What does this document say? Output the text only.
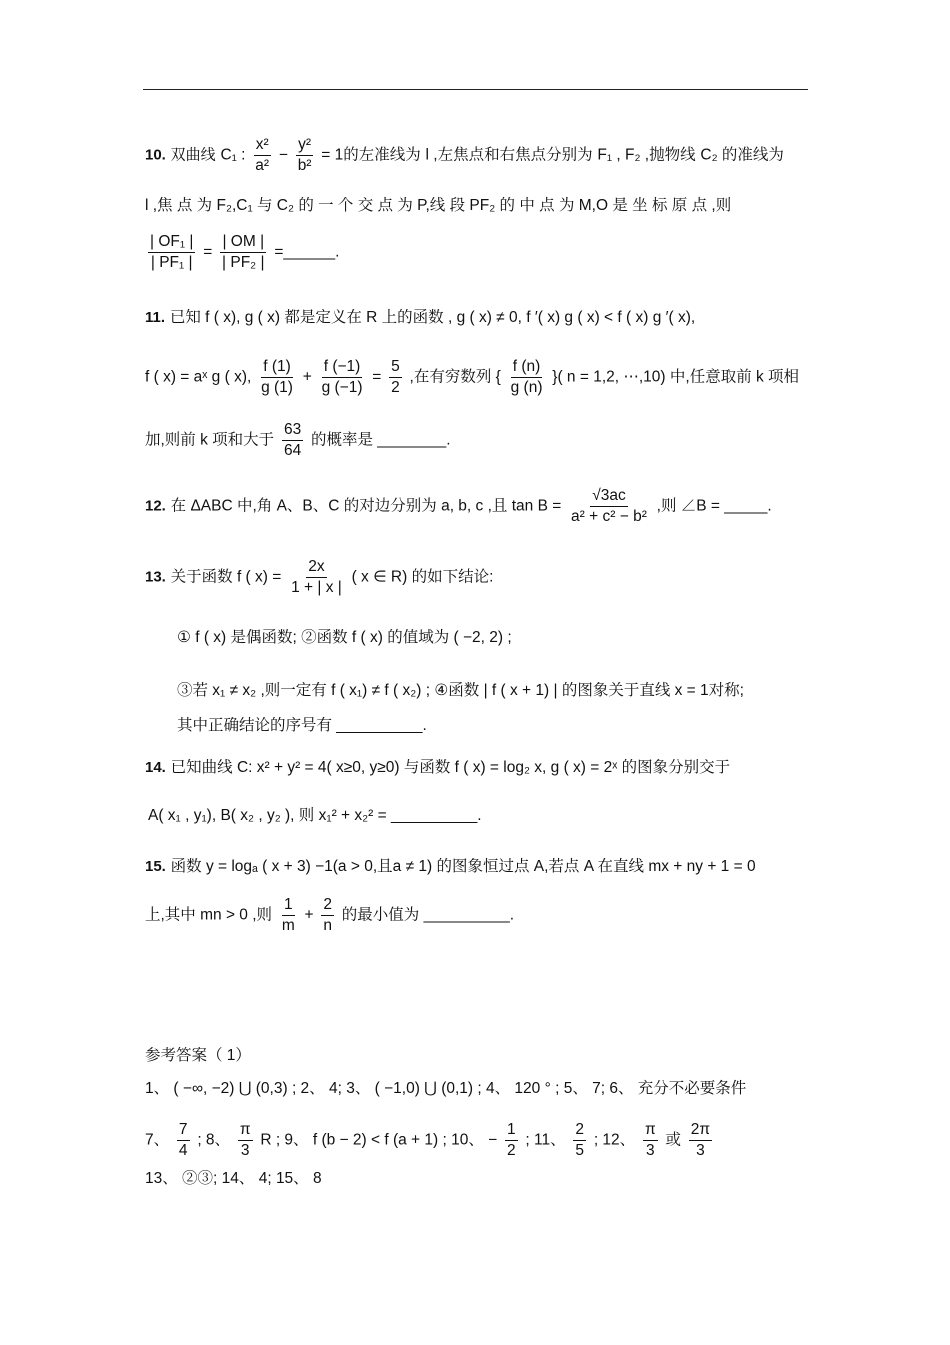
10. 双曲线 C₁ : $\frac{\text{x²}}{\text{a²}} - \frac{\text{y²}}{\text{b²}} = 1$的左准线为 l ,左焦点和右焦点分别为 F₁ , F₂ ,抛物线 C₂ 的准线为
l ,焦 点 为 F₂,C₁ 与 C₂ 的 一 个 交 点 为 P,线 段 PF₂ 的 中 点 为 M,O 是 坐 标 原 点 ,则
$\frac{\text{| OF₁ |}}{\text{| PF₁ |}} = \frac{| OM |}{\text{| PF₂ |}}$ =______.
11. 已知 f ( x), g ( x) 都是定义在 R 上的函数 , g ( x) ≠ 0, f ′( x) g ( x) < f ( x) g ′( x),
f ( x) = aˣ g ( x), $\frac{f (1)}{g (1)} + \frac{f (-1)}{g (-1)} = \frac{5}{2}$ ,在有穷数列 { $\frac{f (n)}{g (n)}$ }( n = 1,2, ⋯,10) 中,任意取前 k 项相
加,则前 k 项和大于 $\frac{63}{64}$ 的概率是 ________.
12. 在 ΔABC 中,角 A、B、C 的对边分别为 a, b, c ,且 $\tan B = \frac{√3ac}{\text{a² + c² − b²}}$ ,则 ∠B = _____.
13. 关于函数 f ( $x) = \frac{2x}{1 + | x |}$ ( x ∈ R) 的如下结论:
① f ( x) 是偶函数; ②函数 f ( x) 的值域为 ( −2, 2) ;
③若 x₁ ≠ x₂ ,则一定有 f ( x₁) ≠ f ( x₂) ; ④函数 | f ( x + 1) | 的图象关于直线 x = 1对称;
其中正确结论的序号有 __________.
14. 已知曲线 C: x² + y² = 4( x≥0, y≥0) 与函数 f ( x) = log₂ x, g ( x) = 2ˣ 的图象分别交于
A( x₁ , y₁), B( x₂ , y₂ ), 则 x₁² + x₂² = __________.
15. 函数 y = logₐ ( x + 3) −1(a > 0,且a ≠ 1) 的图象恒过点 A,若点 A 在直线 mx + ny + 1 = 0
上,其中 mn > 0 ,则 $\frac{1}{m} + \frac{2}{n}$ 的最小值为 __________.
参考答案（ 1）
1、 ( −∞, −2) ⋃ (0,3) ; 2、 4; 3、 ( −1,0) ⋃ (0,1) ; 4、 120 ° ; 5、 7; 6、 充分不必要条件
7、 $\frac{7}{4}$ ; 8、 $\frac{\pi}{3}$ R ; 9、 f (b − 2) < f (a + 1) ; 10、 − $\frac{1}{2}$ ; 11、 $\frac{2}{5}$ ; 12、 $\frac{\pi}{3}$ 或 $\frac{2\pi}{3}$
13、 ②③; 14、 4; 15、 8
